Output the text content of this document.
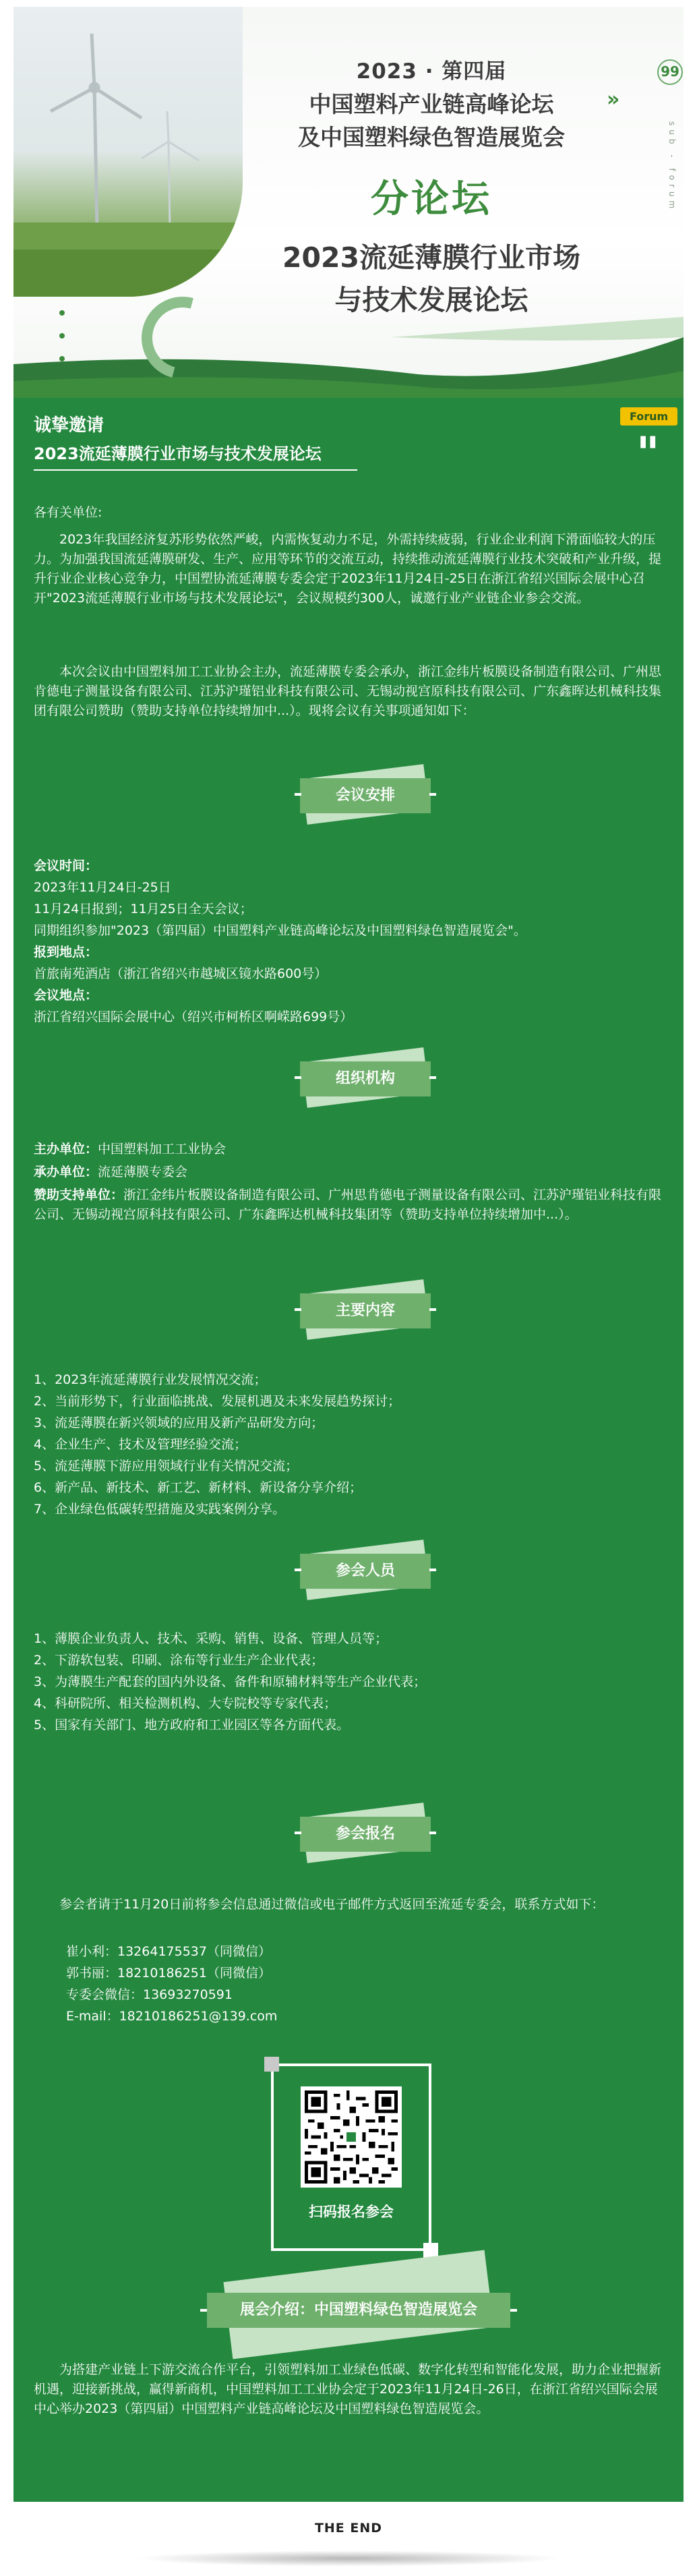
2023 · 第四届

中国塑料产业链高峰论坛

及中国塑料绿色智造展览会

分论坛

2023流延薄膜行业市场

与技术发展论坛

»
99
sub - forum

诚挚邀请

2023流延薄膜行业市场与技术发展论坛

Forum
"

各有关单位:

2023年我国经济复苏形势依然严峻，内需恢复动力不足，外需持续疲弱，行业企业利润下滑面临较大的压力。为加强我国流延薄膜研发、生产、应用等环节的交流互动，持续推动流延薄膜行业技术突破和产业升级，提升行业企业核心竞争力，中国塑协流延薄膜专委会定于2023年11月24日-25日在浙江省绍兴国际会展中心召开"2023流延薄膜行业市场与技术发展论坛"，会议规模约300人，诚邀行业产业链企业参会交流。

本次会议由中国塑料加工工业协会主办，流延薄膜专委会承办，浙江金纬片板膜设备制造有限公司、广州思肯德电子测量设备有限公司、江苏沪瑾铝业科技有限公司、无锡动视宫原科技有限公司、广东鑫晖达机械科技集团有限公司赞助（赞助支持单位持续增加中...）。现将会议有关事项通知如下：

会议安排

会议时间：

2023年11月24日-25日

11月24日报到；11月25日全天会议；

同期组织参加"2023（第四届）中国塑料产业链高峰论坛及中国塑料绿色智造展览会"。

报到地点：

首旅南苑酒店（浙江省绍兴市越城区镜水路600号）

会议地点：

浙江省绍兴国际会展中心（绍兴市柯桥区啊嵘路699号）

组织机构

主办单位：中国塑料加工工业协会

承办单位：流延薄膜专委会

赞助支持单位：浙江金纬片板膜设备制造有限公司、广州思肯德电子测量设备有限公司、江苏沪瑾铝业科技有限公司、无锡动视宫原科技有限公司、广东鑫晖达机械科技集团等（赞助支持单位持续增加中...）。

主要内容

1、2023年流延薄膜行业发展情况交流；

2、当前形势下，行业面临挑战、发展机遇及未来发展趋势探讨；

3、流延薄膜在新兴领域的应用及新产品研发方向；

4、企业生产、技术及管理经验交流；

5、流延薄膜下游应用领域行业有关情况交流；

6、新产品、新技术、新工艺、新材料、新设备分享介绍；

7、企业绿色低碳转型措施及实践案例分享。

参会人员

1、薄膜企业负责人、技术、采购、销售、设备、管理人员等；

2、下游软包装、印刷、涂布等行业生产企业代表；

3、为薄膜生产配套的国内外设备、备件和原辅材料等生产企业代表；

4、科研院所、相关检测机构、大专院校等专家代表；

5、国家有关部门、地方政府和工业园区等各方面代表。

参会报名

参会者请于11月20日前将参会信息通过微信或电子邮件方式返回至流延专委会，联系方式如下：

崔小利：13264175537（同微信）

郭书丽：18210186251（同微信）

专委会微信：13693270591

E-mail：18210186251@139.com

扫码报名参会
展会介绍：中国塑料绿色智造展览会

为搭建产业链上下游交流合作平台，引领塑料加工业绿色低碳、数字化转型和智能化发展，助力企业把握新机遇，迎接新挑战，赢得新商机，中国塑料加工工业协会定于2023年11月24日-26日，在浙江省绍兴国际会展中心举办2023（第四届）中国塑料产业链高峰论坛及中国塑料绿色智造展览会。

THE END
